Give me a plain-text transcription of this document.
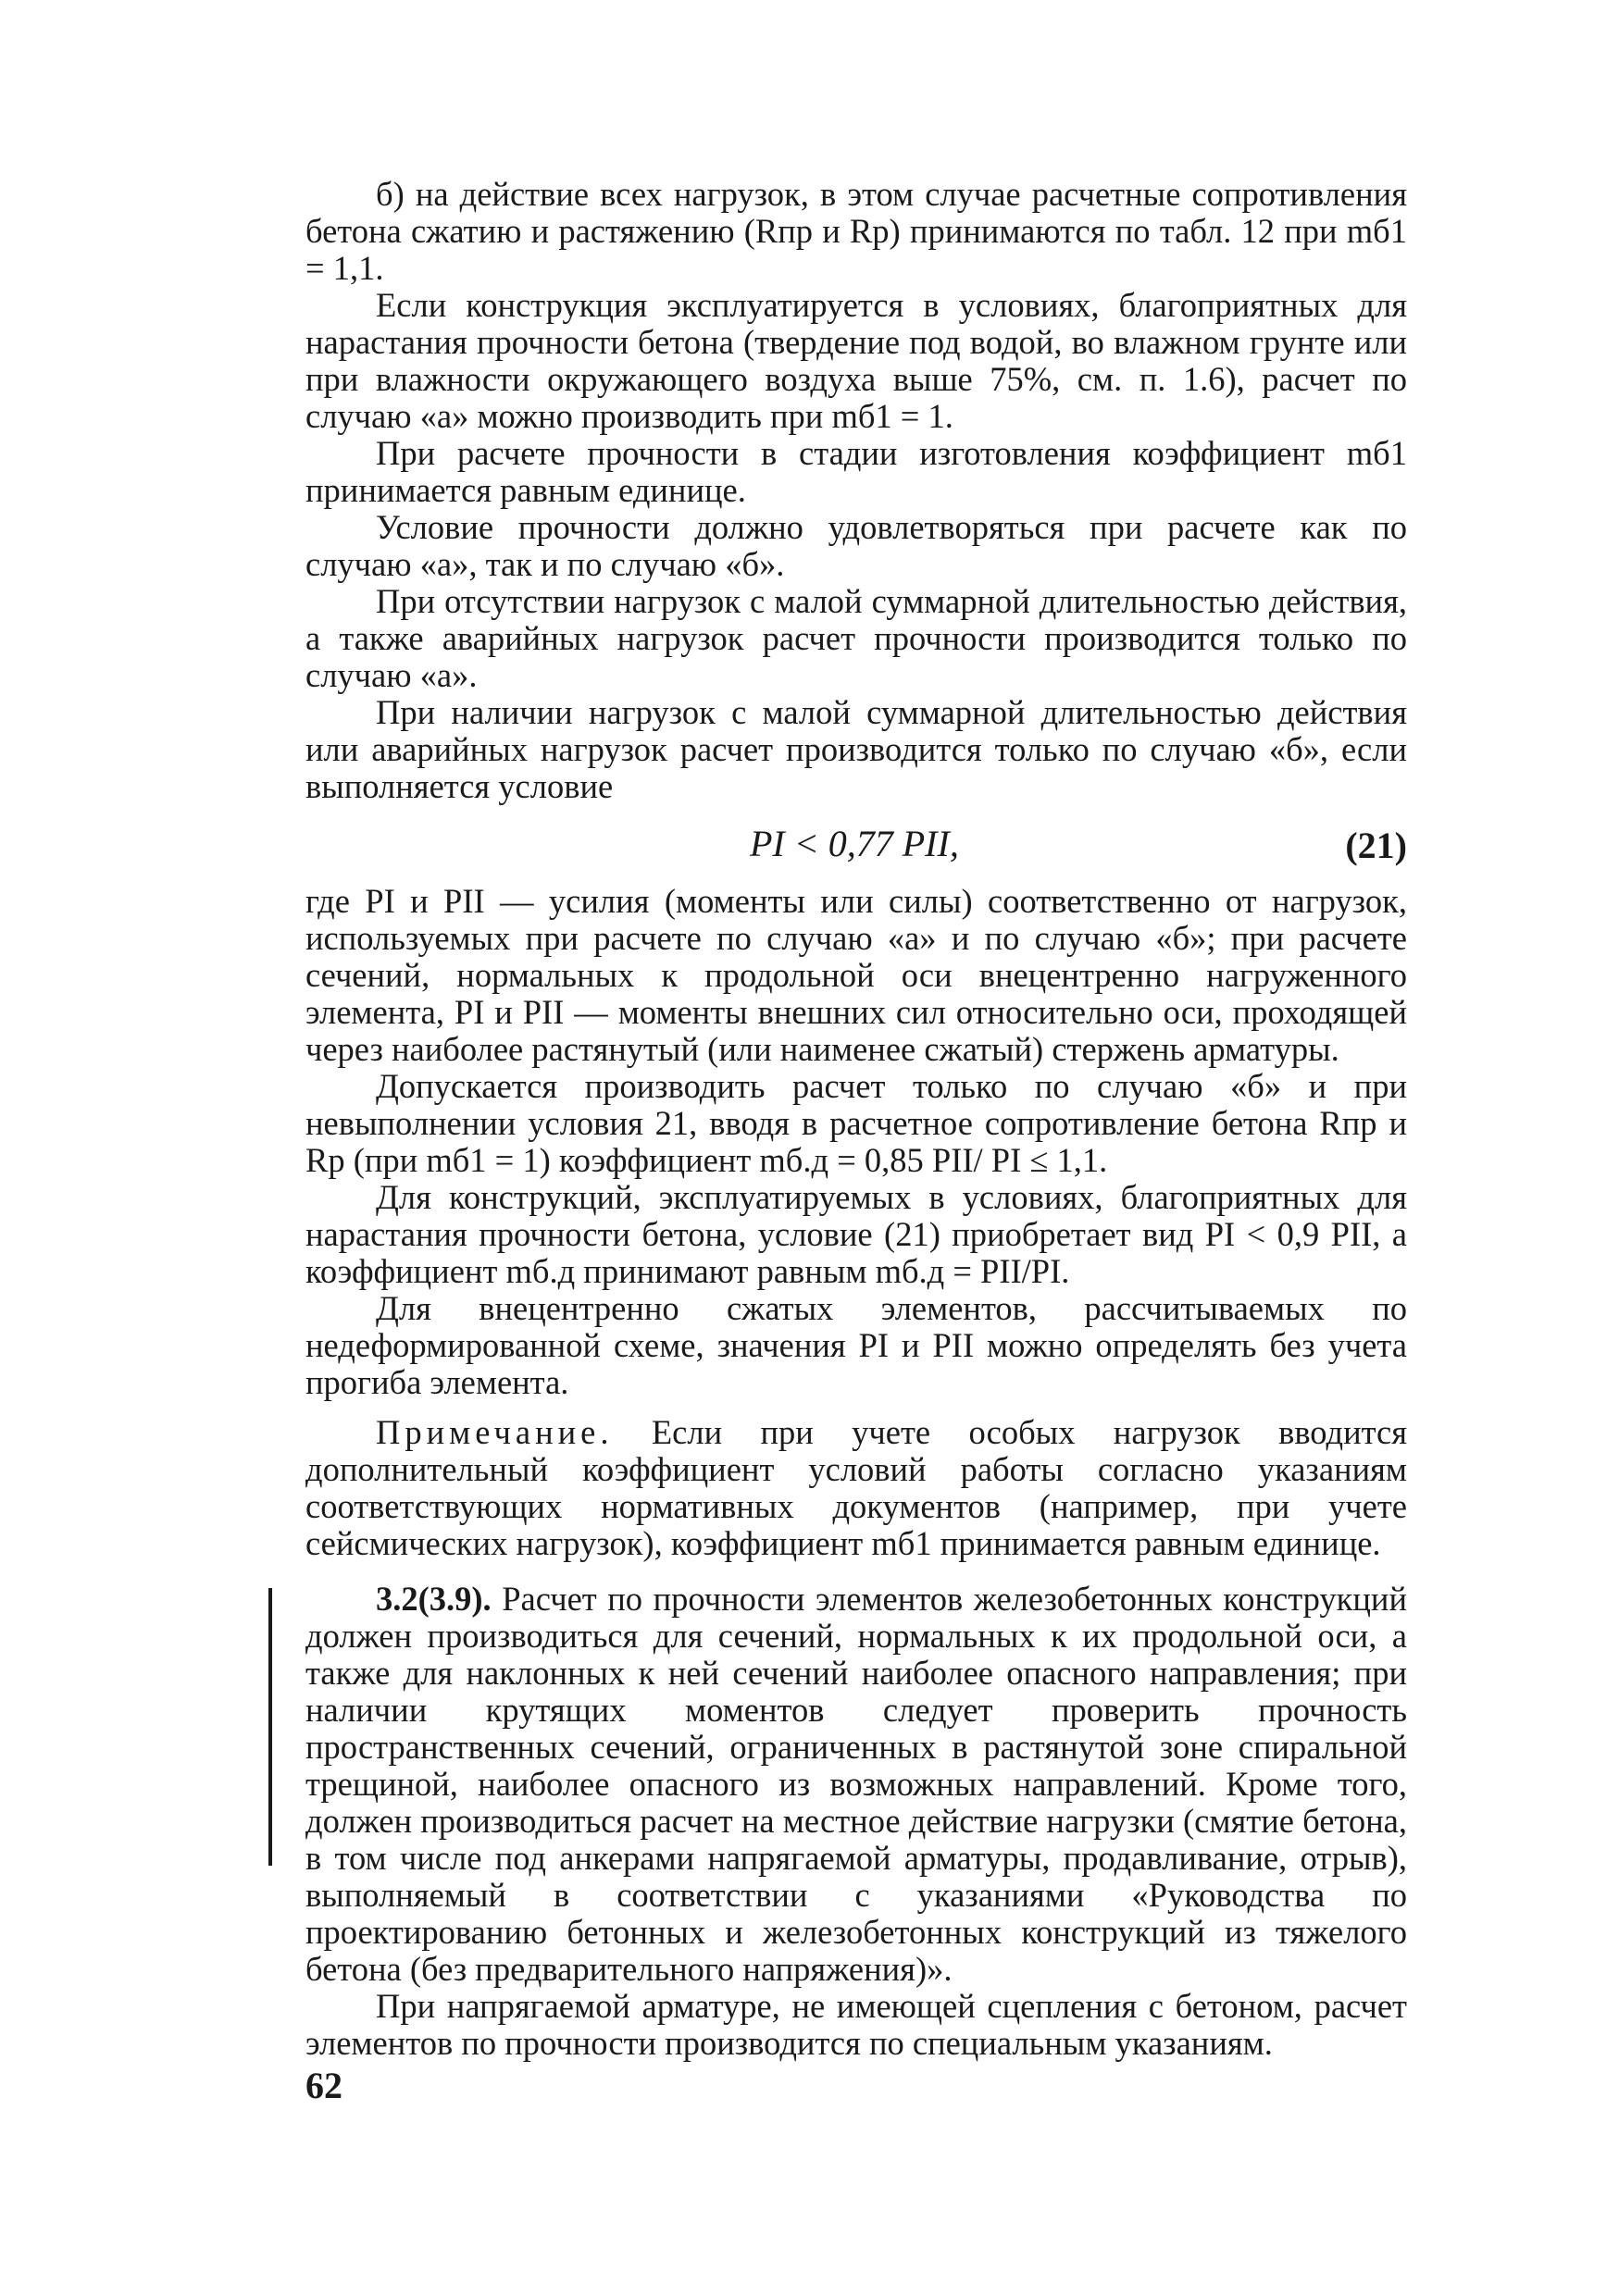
б) на действие всех нагрузок, в этом случае расчетные сопротивления бетона сжатию и растяжению (Rпр и Rр) принимаются по табл. 12 при mб1 = 1,1.

Если конструкция эксплуатируется в условиях, благоприятных для нарастания прочности бетона (твердение под водой, во влажном грунте или при влажности окружающего воздуха выше 75%, см. п. 1.6), расчет по случаю «а» можно производить при mб1 = 1.

При расчете прочности в стадии изготовления коэффициент mб1 принимается равным единице.

Условие прочности должно удовлетворяться при расчете как по случаю «а», так и по случаю «б».

При отсутствии нагрузок с малой суммарной длительностью действия, а также аварийных нагрузок расчет прочности производится только по случаю «а».

При наличии нагрузок с малой суммарной длительностью действия или аварийных нагрузок расчет производится только по случаю «б», если выполняется условие

PI < 0,77 PII,	(21)

где PI и PII — усилия (моменты или силы) соответственно от нагрузок, используемых при расчете по случаю «а» и по случаю «б»; при расчете сечений, нормальных к продольной оси внецентренно нагруженного элемента, PI и PII — моменты внешних сил относительно оси, проходящей через наиболее растянутый (или наименее сжатый) стержень арматуры.

Допускается производить расчет только по случаю «б» и при невыполнении условия 21, вводя в расчетное сопротивление бетона Rпр и Rр (при mб1 = 1) коэффициент mб.д = 0,85 PII/ PI ≤ 1,1.

Для конструкций, эксплуатируемых в условиях, благоприятных для нарастания прочности бетона, условие (21) приобретает вид PI < 0,9 PII, а коэффициент mб.д принимают равным mб.д = PII/PI.

Для внецентренно сжатых элементов, рассчитываемых по недеформированной схеме, значения PI и PII можно определять без учета прогиба элемента.

Примечание. Если при учете особых нагрузок вводится дополнительный коэффициент условий работы согласно указаниям соответствующих нормативных документов (например, при учете сейсмических нагрузок), коэффициент mб1 принимается равным единице.

3.2(3.9). Расчет по прочности элементов железобетонных конструкций должен производиться для сечений, нормальных к их продольной оси, а также для наклонных к ней сечений наиболее опасного направления; при наличии крутящих моментов следует проверить прочность пространственных сечений, ограниченных в растянутой зоне спиральной трещиной, наиболее опасного из возможных направлений. Кроме того, должен производиться расчет на местное действие нагрузки (смятие бетона, в том числе под анкерами напрягаемой арматуры, продавливание, отрыв), выполняемый в соответствии с указаниями «Руководства по проектированию бетонных и железобетонных конструкций из тяжелого бетона (без предварительного напряжения)».

При напрягаемой арматуре, не имеющей сцепления с бетоном, расчет элементов по прочности производится по специальным указаниям.

62
